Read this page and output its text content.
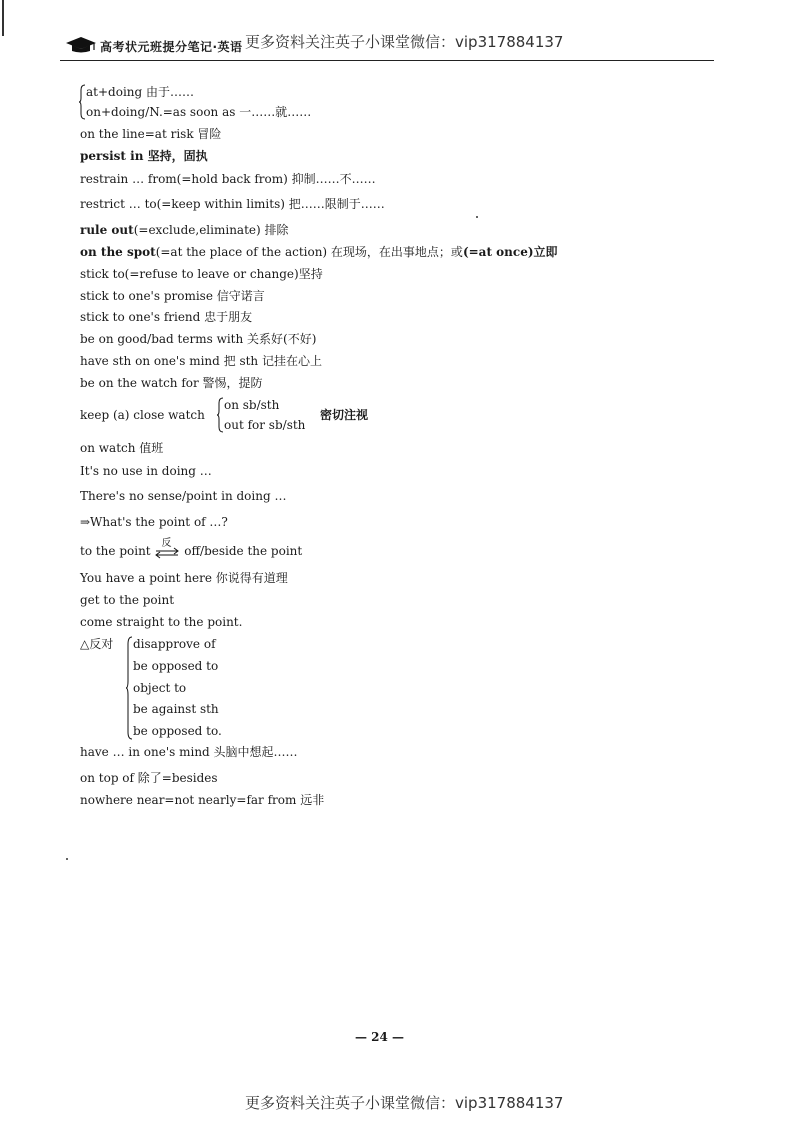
高考状元班提分笔记·英语 更多资料关注英子小课堂微信：vip317884137
at+doing 由于……
on+doing/N.=as soon as 一……就……
on the line=at risk 冒险
persist in 坚持，固执
restrain … from(=hold back from) 抑制……不……
restrict … to(=keep within limits) 把……限制于……
rule out(=exclude,eliminate) 排除
on the spot(=at the place of the action) 在现场，在出事地点；或(=at once)立即
stick to(=refuse to leave or change)坚持
stick to one's promise 信守诺言
stick to one's friend 忠于朋友
be on good/bad terms with 关系好(不好)
have sth on one's mind 把 sth 记挂在心上
be on the watch for 警惕，提防
keep (a) close watch
on sb/sth
out for sb/sth
密切注视
on watch 值班
It's no use in doing …
There's no sense/point in doing …
⇒What's the point of …?
to the point
反
off/beside the point
You have a point here 你说得有道理
get to the point
come straight to the point.
△反对 disapprove of
be opposed to
object to
be against sth
be opposed to.
have … in one's mind 头脑中想起……
on top of 除了=besides
nowhere near=not nearly=far from 远非
— 24 —
更多资料关注英子小课堂微信：vip317884137
